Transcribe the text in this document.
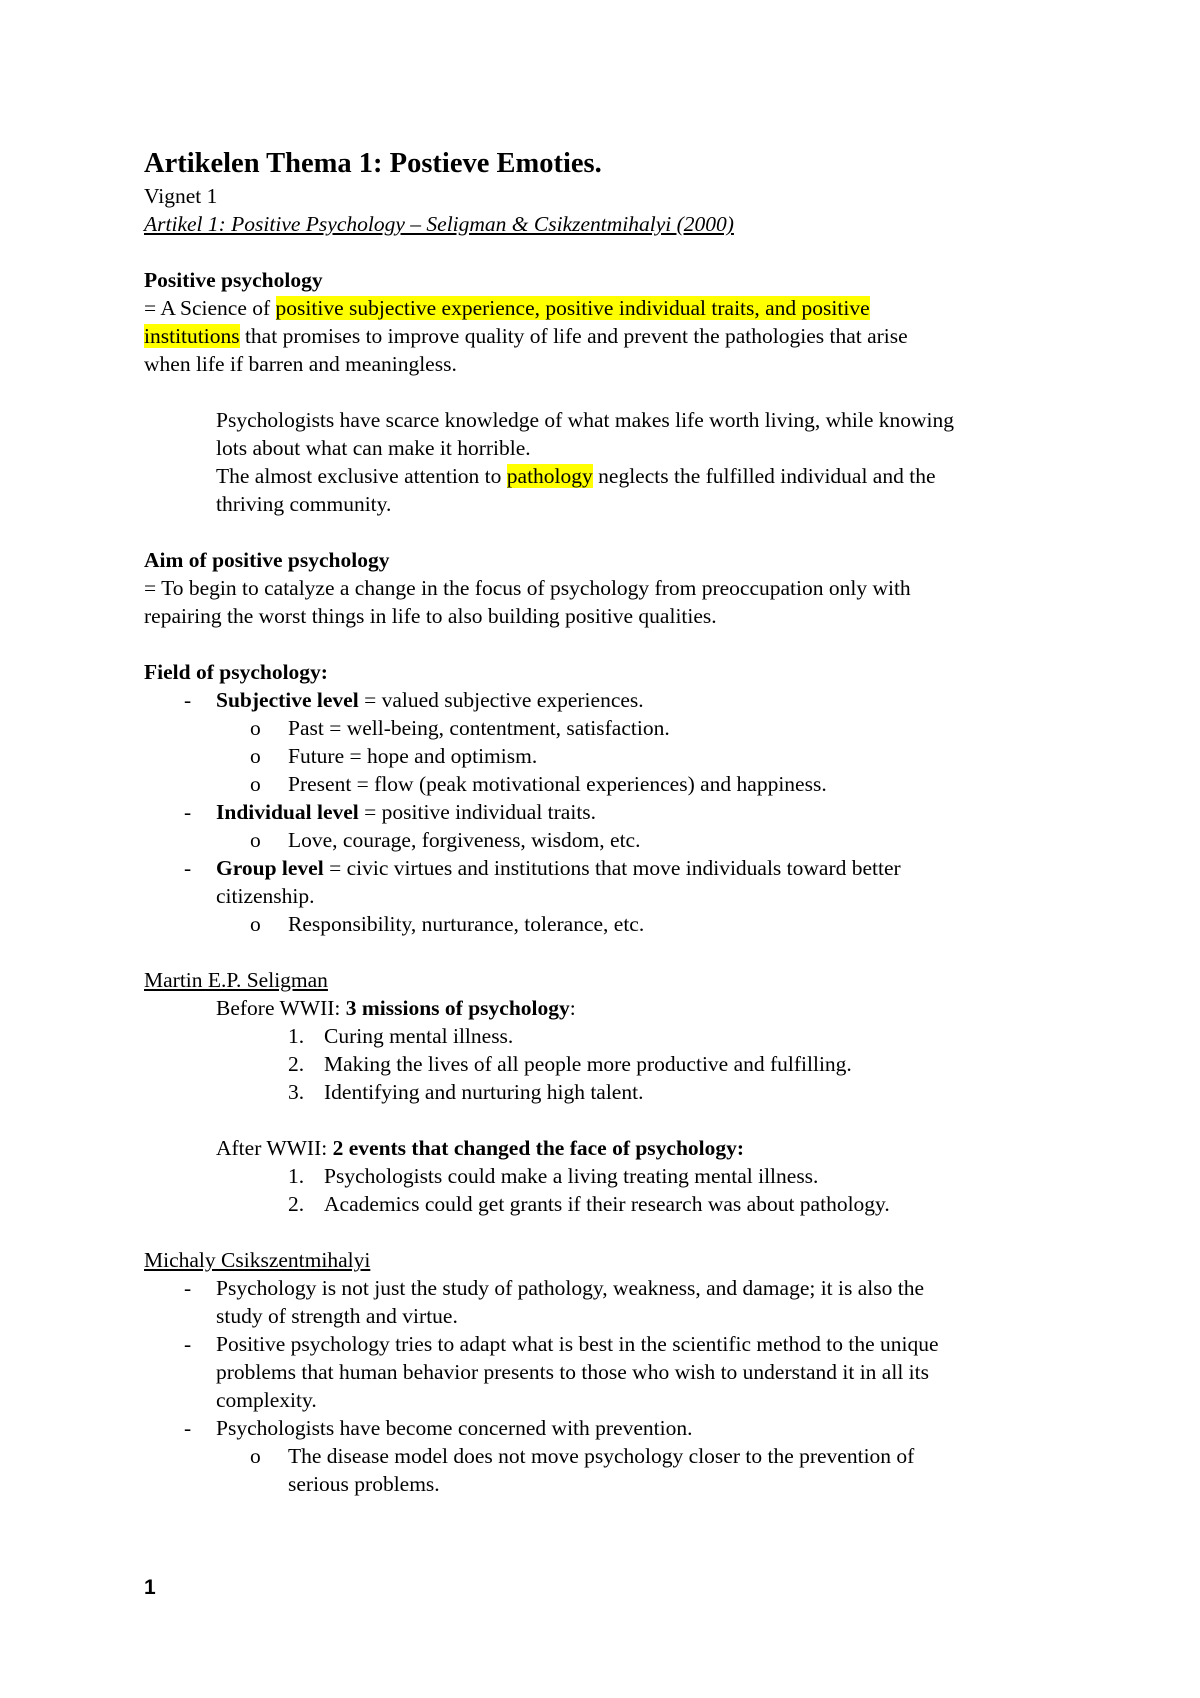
Artikelen Thema 1: Postieve Emoties.
Vignet 1
Artikel 1: Positive Psychology – Seligman & Csikzentmihalyi (2000)
Positive psychology
= A Science of positive subjective experience, positive individual traits, and positive
institutions that promises to improve quality of life and prevent the pathologies that arise
when life if barren and meaningless.
Psychologists have scarce knowledge of what makes life worth living, while knowing
lots about what can make it horrible.
The almost exclusive attention to pathology neglects the fulfilled individual and the
thriving community.
Aim of positive psychology
= To begin to catalyze a change in the focus of psychology from preoccupation only with
repairing the worst things in life to also building positive qualities.
Field of psychology:
- Subjective level = valued subjective experiences.
o Past = well-being, contentment, satisfaction.
o Future = hope and optimism.
o Present = flow (peak motivational experiences) and happiness.
- Individual level = positive individual traits.
o Love, courage, forgiveness, wisdom, etc.
- Group level = civic virtues and institutions that move individuals toward better
citizenship.
o Responsibility, nurturance, tolerance, etc.
Martin E.P. Seligman
Before WWII: 3 missions of psychology:
1. Curing mental illness.
2. Making the lives of all people more productive and fulfilling.
3. Identifying and nurturing high talent.
After WWII: 2 events that changed the face of psychology:
1. Psychologists could make a living treating mental illness.
2. Academics could get grants if their research was about pathology.
Michaly Csikszentmihalyi
- Psychology is not just the study of pathology, weakness, and damage; it is also the
study of strength and virtue.
- Positive psychology tries to adapt what is best in the scientific method to the unique
problems that human behavior presents to those who wish to understand it in all its
complexity.
- Psychologists have become concerned with prevention.
o The disease model does not move psychology closer to the prevention of
serious problems.
1
